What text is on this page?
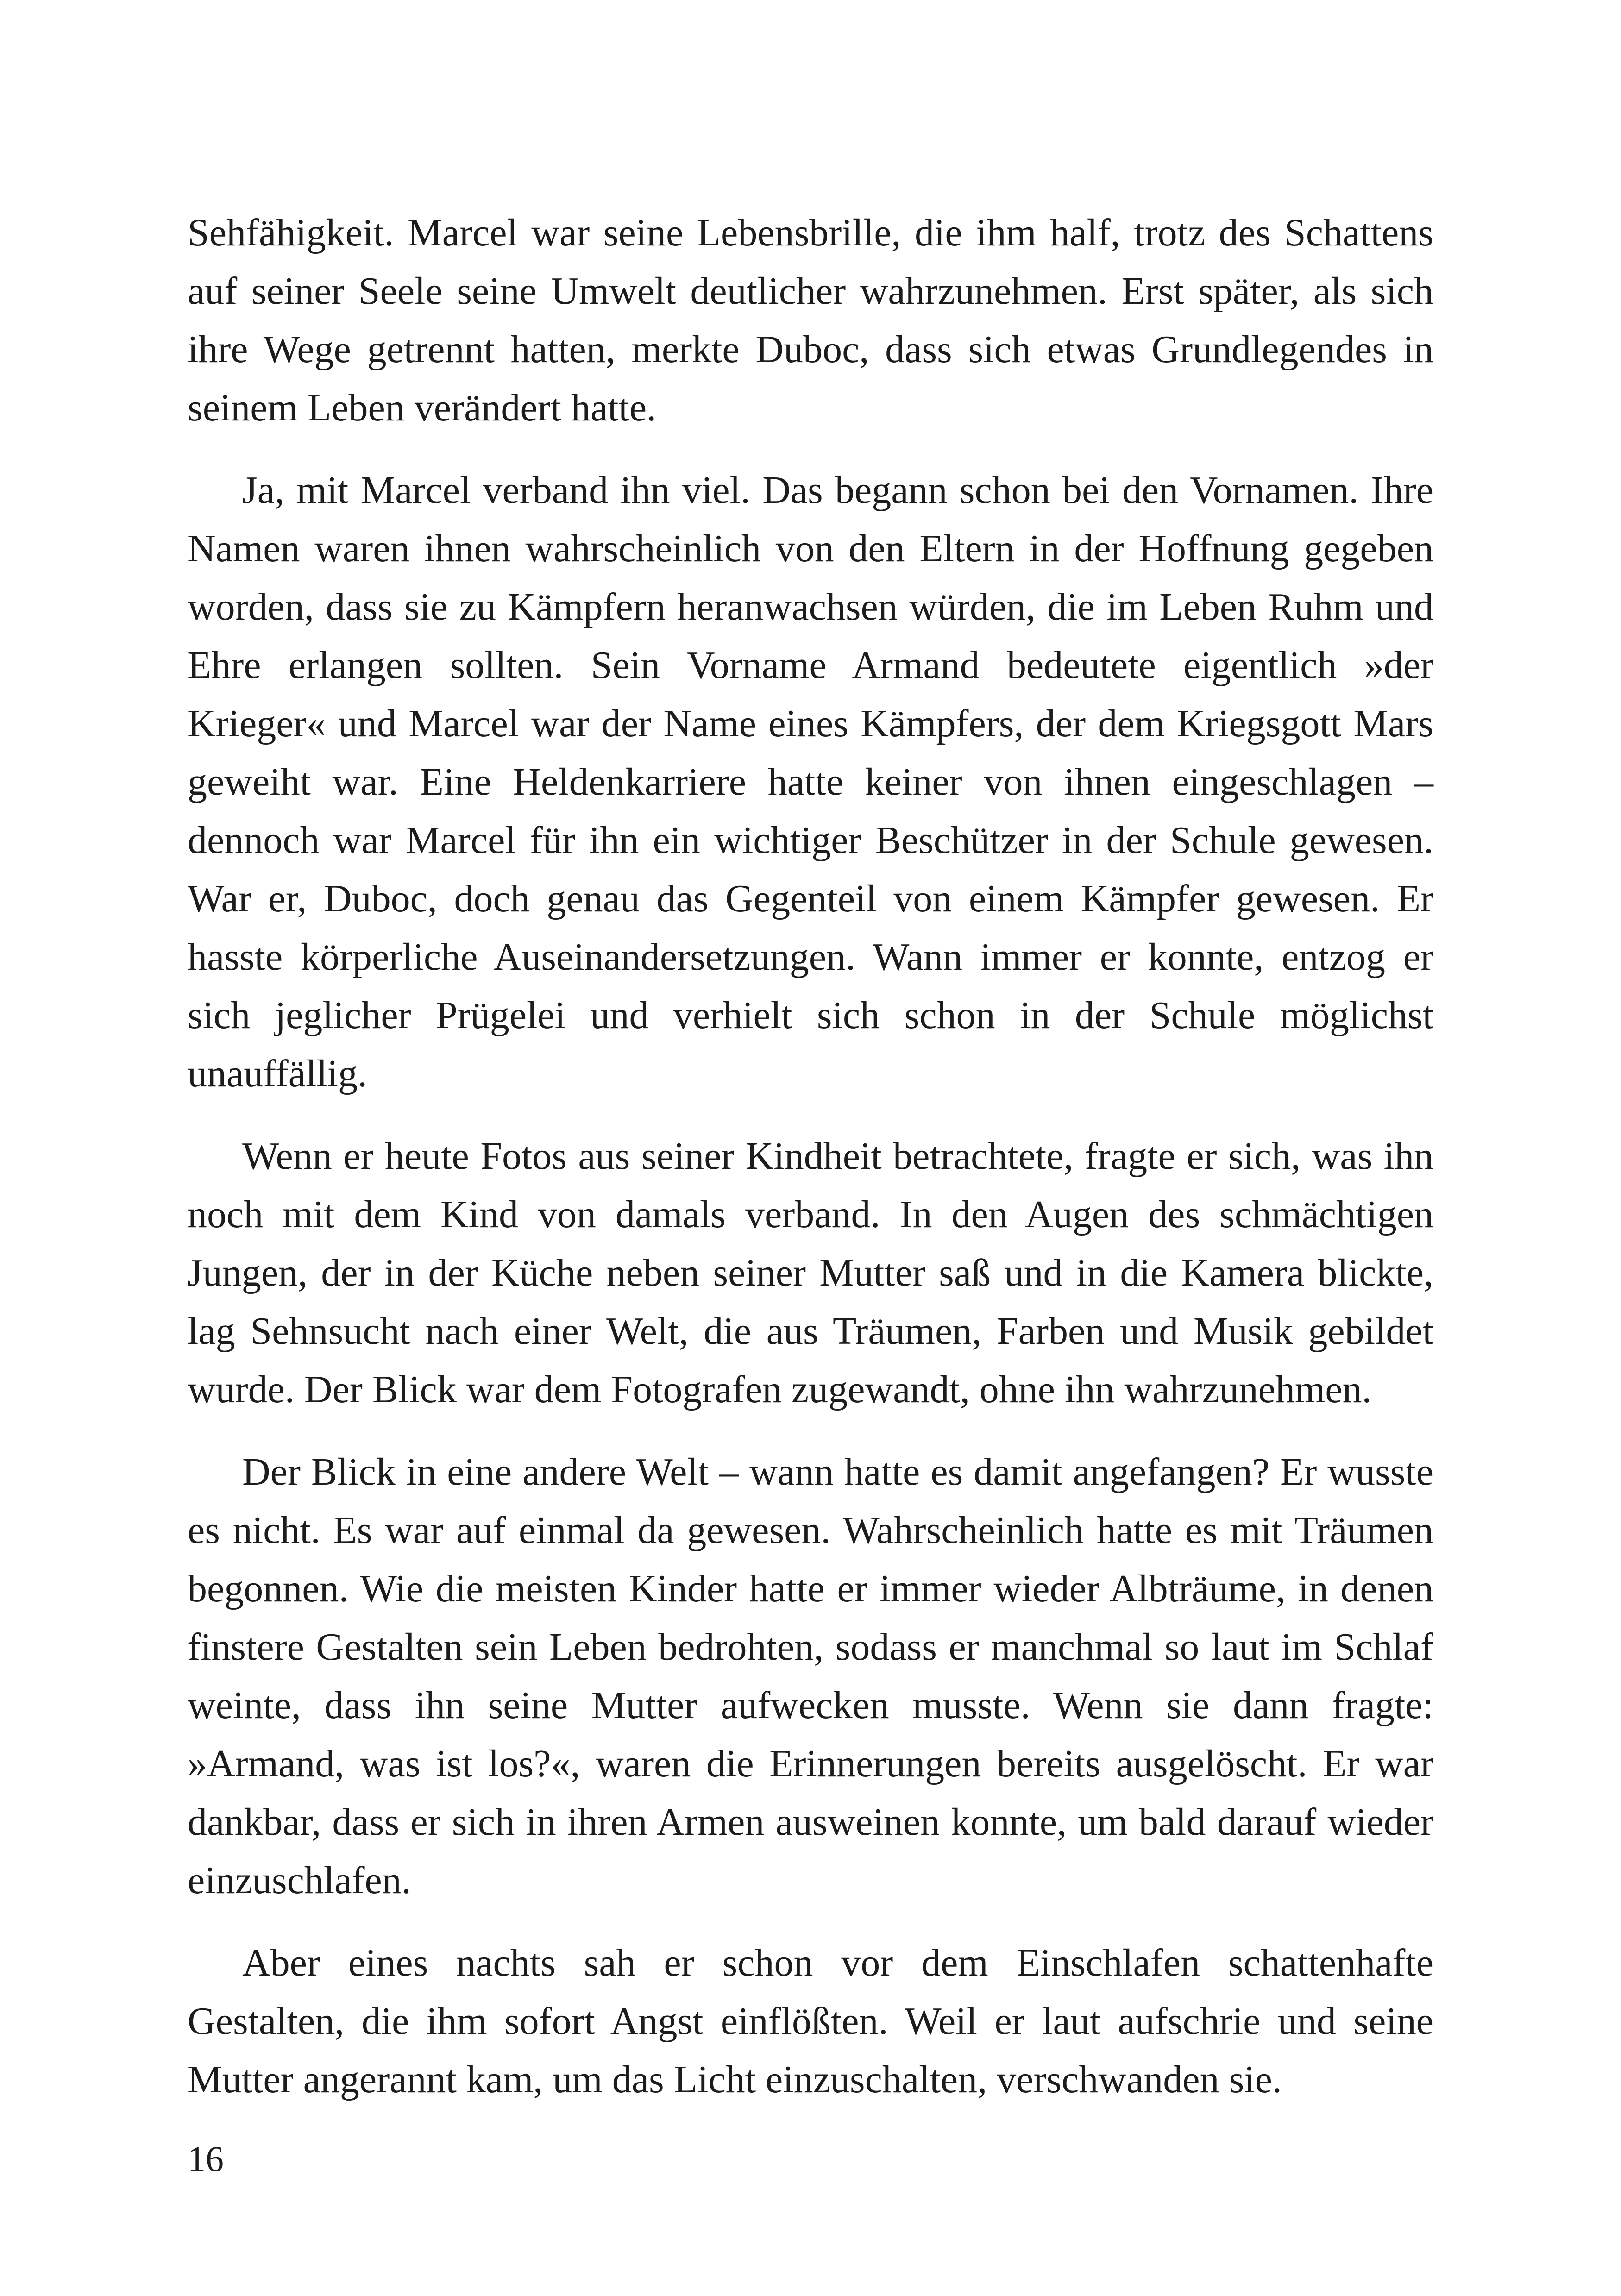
Sehfähigkeit. Marcel war seine Lebensbrille, die ihm half, trotz des Schattens auf seiner Seele seine Umwelt deutlicher wahrzunehmen. Erst später, als sich ihre Wege getrennt hatten, merkte Duboc, dass sich etwas Grundlegendes in seinem Leben verändert hatte.

Ja, mit Marcel verband ihn viel. Das begann schon bei den Vornamen. Ihre Namen waren ihnen wahrscheinlich von den Eltern in der Hoffnung gegeben worden, dass sie zu Kämpfern heranwachsen würden, die im Leben Ruhm und Ehre erlangen sollten. Sein Vorname Armand bedeutete eigentlich »der Krieger« und Marcel war der Name eines Kämpfers, der dem Kriegsgott Mars geweiht war. Eine Heldenkarriere hatte keiner von ihnen eingeschlagen – dennoch war Marcel für ihn ein wichtiger Beschützer in der Schule gewesen. War er, Duboc, doch genau das Gegenteil von einem Kämpfer gewesen. Er hasste körperliche Auseinandersetzungen. Wann immer er konnte, entzog er sich jeglicher Prügelei und verhielt sich schon in der Schule möglichst unauffällig.

Wenn er heute Fotos aus seiner Kindheit betrachtete, fragte er sich, was ihn noch mit dem Kind von damals verband. In den Augen des schmächtigen Jungen, der in der Küche neben seiner Mutter saß und in die Kamera blickte, lag Sehnsucht nach einer Welt, die aus Träumen, Farben und Musik gebildet wurde. Der Blick war dem Fotografen zugewandt, ohne ihn wahrzunehmen.

Der Blick in eine andere Welt – wann hatte es damit angefangen? Er wusste es nicht. Es war auf einmal da gewesen. Wahrscheinlich hatte es mit Träumen begonnen. Wie die meisten Kinder hatte er immer wieder Albträume, in denen finstere Gestalten sein Leben bedrohten, sodass er manchmal so laut im Schlaf weinte, dass ihn seine Mutter aufwecken musste. Wenn sie dann fragte: »Armand, was ist los?«, waren die Erinnerungen bereits ausgelöscht. Er war dankbar, dass er sich in ihren Armen ausweinen konnte, um bald darauf wieder einzuschlafen.

Aber eines nachts sah er schon vor dem Einschlafen schattenhafte Gestalten, die ihm sofort Angst einflößten. Weil er laut aufschrie und seine Mutter angerannt kam, um das Licht einzuschalten, verschwanden sie.

16
